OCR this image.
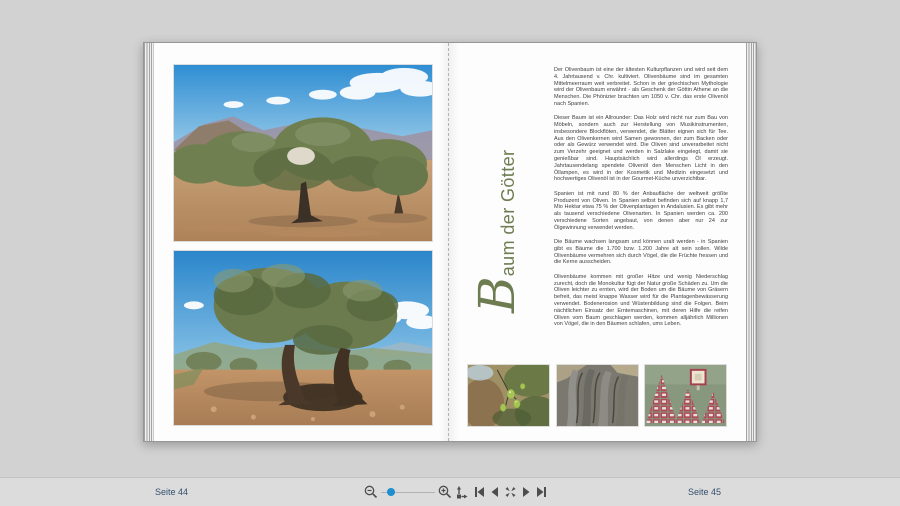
Baum der Götter

Der Olivenbaum ist eine der ältesten Kulturpflanzen und wird seit dem 4. Jahrtausend v. Chr. kultiviert. Olivenbäume sind im gesamten Mittelmeerraum weit verbreitet. Schon in der griechischen Mythologie wird der Olivenbaum erwähnt - als Geschenk der Göttin Athene an die Menschen. Die Phönizier brachten um 1050 v. Chr. das erste Olivenöl nach Spanien.

Dieser Baum ist ein Allrounder: Das Holz wird nicht nur zum Bau von Möbeln, sondern auch zur Herstellung von Musikinstrumenten, insbesondere Blockflöten, verwendet, die Blätter eignen sich für Tee. Aus den Olivenkernen wird Samen gewonnen, der zum Backen oder oder als Gewürz verwendet wird. Die Oliven sind unverarbeitet nicht zum Verzehr geeignet und werden in Salzlake eingelegt, damit sie genießbar sind. Hauptsächlich wird allerdings Öl erzeugt. Jahrtausendelang spendete Olivenöl den Menschen Licht in den Öllampen, es wird in der Kosmetik und Medizin eingesetzt und hochwertiges Olivenöl ist in der Gourmet-Küche unverzichtbar.

Spanien ist mit rund 80 % der Anbaufläche der weltweit größte Produzent von Oliven. In Spanien selbst befinden sich auf knapp 1,7 Mio Hektar etwa 75 % der Olivenplantagen in Andalusien. Es gibt mehr als tausend verschiedene Olivenarten. In Spanien werden ca. 200 verschiedene Sorten angebaut, von denen aber nur 24 zur Ölgewinnung verwendet werden.

Die Bäume wachsen langsam und können uralt werden - in Spanien gibt es Bäume die 1.700 bzw. 1.200 Jahre alt sein sollen. Wilde Olivenbäume vermehren sich durch Vögel, die die Früchte fressen und die Kerne ausscheiden.

Olivenbäume kommen mit großer Hitze und wenig Niederschlag zurecht, doch die Monokultur fügt der Natur große Schäden zu. Um die Oliven leichter zu ernten, wird der Boden um die Bäume von Gräsern befreit, das meist knappe Wasser wird für die Plantagenbewässerung verwendet. Bodenerosion und Wüstenbildung sind die Folgen. Beim nächtlichen Einsatz der Erntemaschinen, mit deren Hilfe die reifen Oliven vom Baum geschlagen werden, kommen alljährlich Millionen von Vögel, die in den Bäumen schlafen, ums Leben.

Seite 44	Seite 45
